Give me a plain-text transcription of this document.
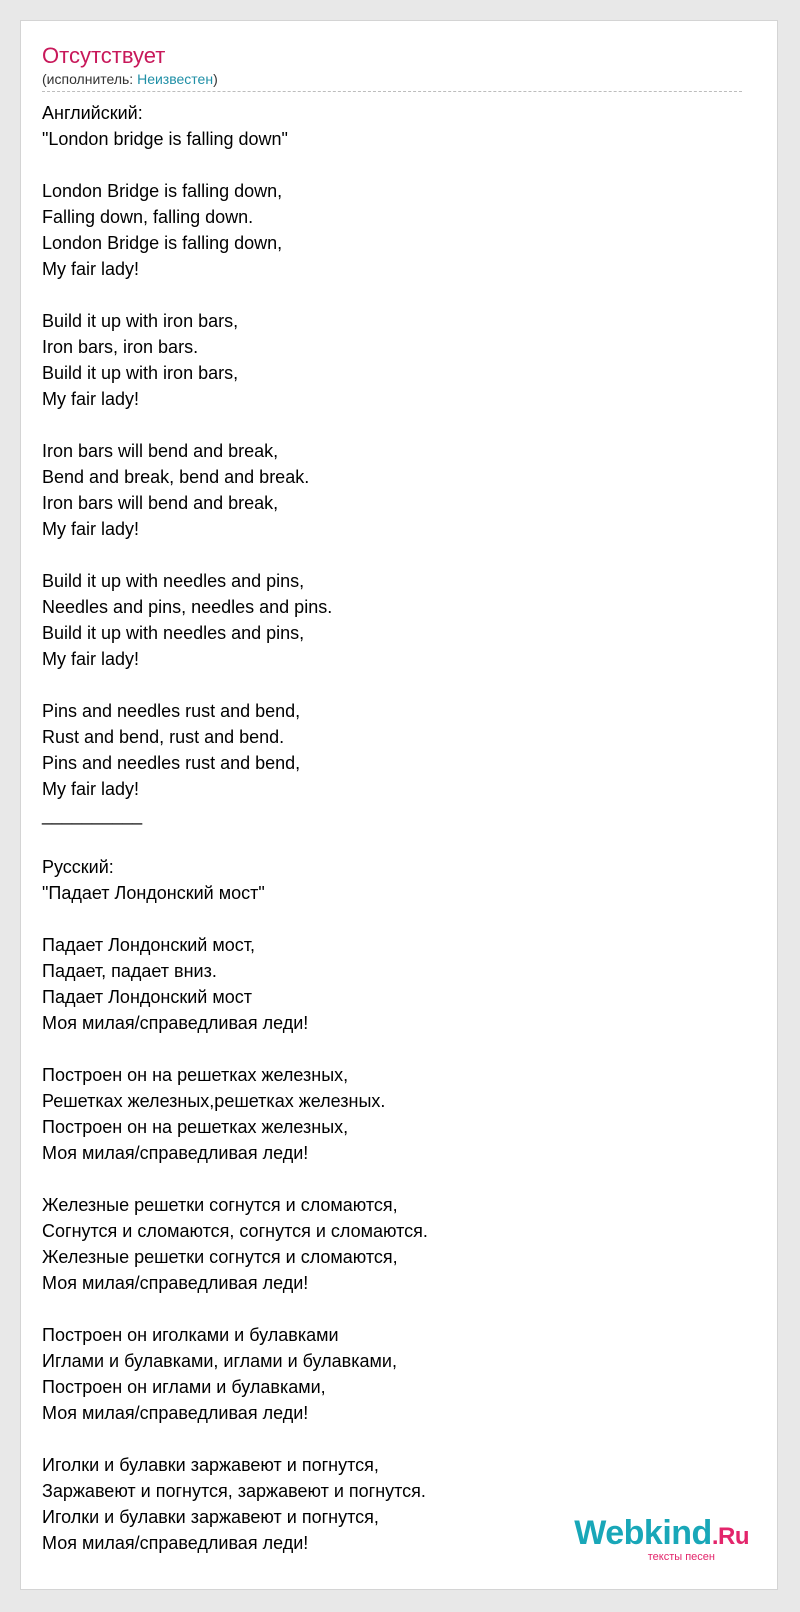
Отсутствует
(исполнитель: Неизвестен)
Английский:
"London bridge is falling down"

London Bridge is falling down,
Falling down, falling down.
London Bridge is falling down,
My fair lady!

Build it up with iron bars,
Iron bars, iron bars.
Build it up with iron bars,
My fair lady!

Iron bars will bend and break,
Bend and break, bend and break.
Iron bars will bend and break,
My fair lady!

Build it up with needles and pins,
Needles and pins, needles and pins.
Build it up with needles and pins,
My fair lady!

Pins and needles rust and bend,
Rust and bend, rust and bend.
Pins and needles rust and bend,
My fair lady!
__________

Русский:
"Падает Лондонский мост"

Падает Лондонский мост,
Падает, падает вниз.
Падает Лондонский мост
Моя милая/справедливая леди!

Построен он на решетках железных,
Решетках железных,решетках железных.
Построен он на решетках железных,
Моя милая/справедливая леди!

Железные решетки согнутся и сломаются,
Согнутся и сломаются, согнутся и сломаются.
Железные решетки согнутся и сломаются,
Моя милая/справедливая леди!

Построен он иголками и булавками
Иглами и булавками, иглами и булавками,
Построен он иглами и булавками,
Моя милая/справедливая леди!

Иголки и булавки заржавеют и погнутся,
Заржавеют и погнутся, заржавеют и погнутся.
Иголки и булавки заржавеют и погнутся,
Моя милая/справедливая леди!	Webkind.Ru
тексты песен
